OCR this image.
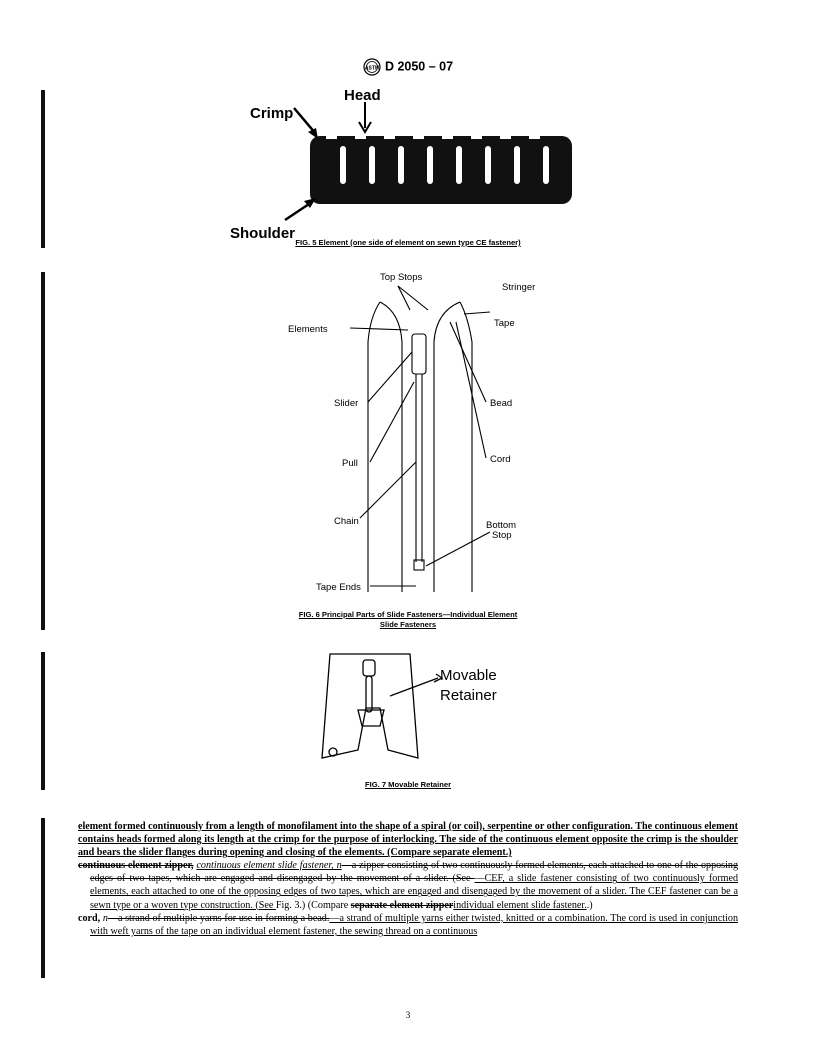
ASTM D 2050 – 07
Head
Crimp
Shoulder
FIG. 5 Element (one side of element on sewn type CE fastener)
Top Stops
Stringer
Elements
Tape
Slider	Bead
Pull	Cord
Chain	Bottom
Stop
Tape Ends
FIG. 6 Principal Parts of Slide Fasteners—Individual Element
Slide Fasteners
Movable
Retainer
FIG. 7 Movable Retainer

element formed continuously from a length of monofilament into the shape of a spiral (or coil), serpentine or other configuration. The continuous element contains heads formed along its length at the crimp for the purpose of interlocking. The side of the continuous element opposite the crimp is the shoulder and bears the slider flanges during opening and closing of the elements. (Compare separate element.)

continuous element zipper, continuous element slide fastener, n—a zipper consisting of two continuously formed elements, each attached to one of the opposing edges of two tapes, which are engaged and disengaged by the movement of a slider. (See —CEF, a slide fastener consisting of two continuously formed elements, each attached to one of the opposing edges of two tapes, which are engaged and disengaged by the movement of a slider. The CEF fastener can be a sewn type or a woven type construction. (See Fig. 3.) (Compare separate element zipperindividual element slide fastener..)

cord, n—a strand of multiple yarns for use in forming a bead.—a strand of multiple yarns either twisted, knitted or a combination. The cord is used in conjunction with weft yarns of the tape on an individual element fastener, the sewing thread on a continuous

3
